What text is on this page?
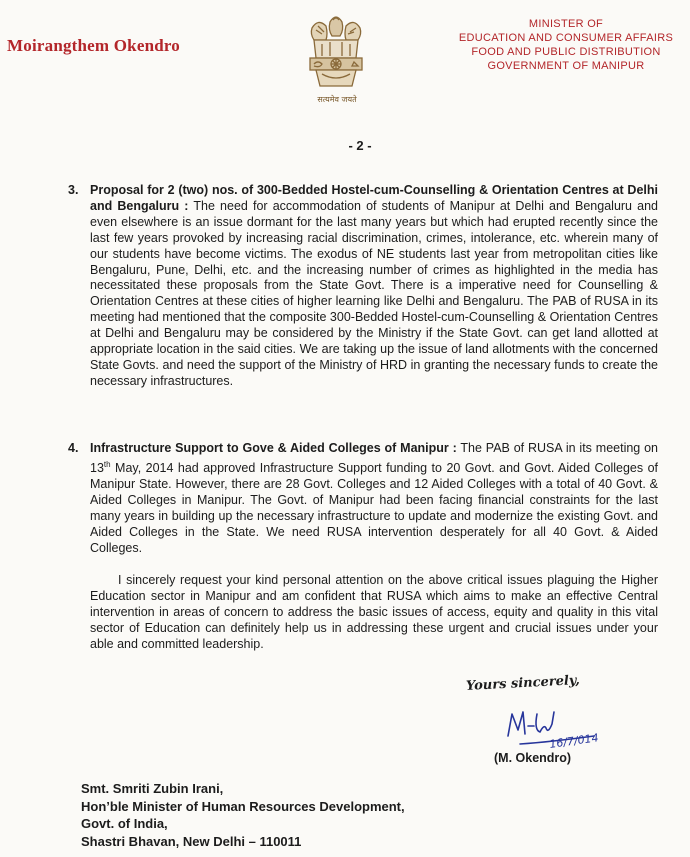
Moirangthem Okendro
सत्यमेव जयते
MINISTER OF
EDUCATION AND CONSUMER AFFAIRS
FOOD AND PUBLIC DISTRIBUTION
GOVERNMENT OF MANIPUR
- 2 -
3. Proposal for 2 (two) nos. of 300-Bedded Hostel-cum-Counselling & Orientation Centres at Delhi and Bengaluru : The need for accommodation of students of Manipur at Delhi and Bengaluru and even elsewhere is an issue dormant for the last many years but which had erupted recently since the last few years provoked by increasing racial discrimination, crimes, intolerance, etc. wherein many of our students have become victims. The exodus of NE students last year from metropolitan cities like Bengaluru, Pune, Delhi, etc. and the increasing number of crimes as highlighted in the media has necessitated these proposals from the State Govt. There is a imperative need for Counselling & Orientation Centres at these cities of higher learning like Delhi and Bengaluru. The PAB of RUSA in its meeting had mentioned that the composite 300-Bedded Hostel-cum-Counselling & Orientation Centres at Delhi and Bengaluru may be considered by the Ministry if the State Govt. can get land allotted at appropriate location in the said cities. We are taking up the issue of land allotments with the concerned State Govts. and need the support of the Ministry of HRD in granting the necessary funds to create the necessary infrastructures.
4. Infrastructure Support to Gove & Aided Colleges of Manipur : The PAB of RUSA in its meeting on 13th May, 2014 had approved Infrastructure Support funding to 20 Govt. and Govt. Aided Colleges of Manipur State. However, there are 28 Govt. Colleges and 12 Aided Colleges with a total of 40 Govt. & Aided Colleges in Manipur. The Govt. of Manipur had been facing financial constraints for the last many years in building up the necessary infrastructure to update and modernize the existing Govt. and Aided Colleges in the State. We need RUSA intervention desperately for all 40 Govt. & Aided Colleges.
I sincerely request your kind personal attention on the above critical issues plaguing the Higher Education sector in Manipur and am confident that RUSA which aims to make an effective Central intervention in areas of concern to address the basic issues of access, equity and quality in this vital sector of Education can definitely help us in addressing these urgent and crucial issues under your able and committed leadership.
Yours sincerely,
16/7/014
(M. Okendro)
Smt. Smriti Zubin Irani,
Hon’ble Minister of Human Resources Development,
Govt. of India,
Shastri Bhavan, New Delhi – 110011
